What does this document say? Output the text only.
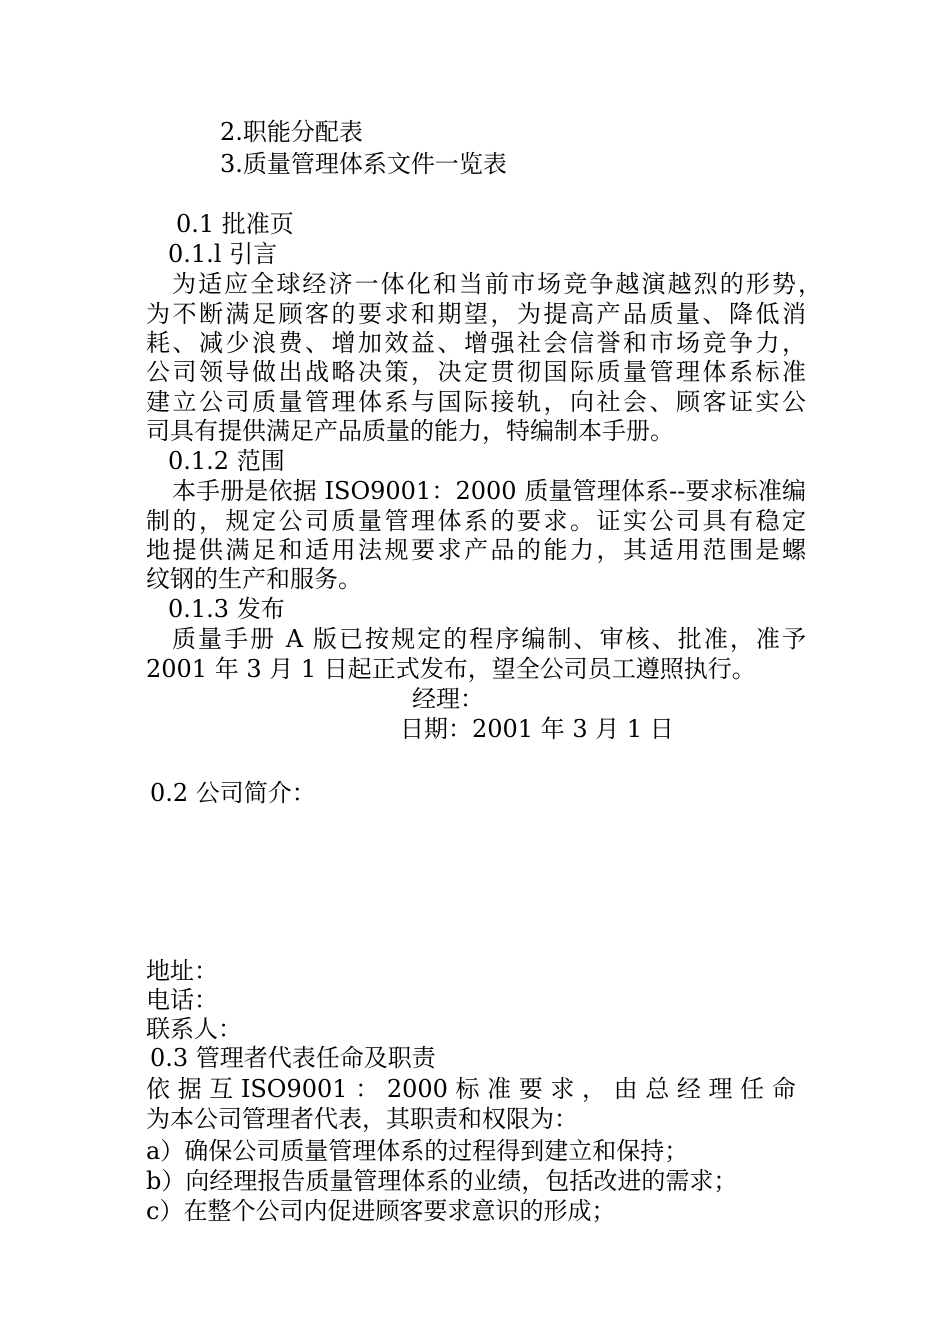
2.职能分配表
3.质量管理体系文件一览表
0.1 批准页
0.1.l 引言
为适应全球经济一体化和当前市场竞争越演越烈的形势，
为不断满足顾客的要求和期望，为提高产品质量、降低消
耗、减少浪费、增加效益、增强社会信誉和市场竞争力，
公司领导做出战略决策，决定贯彻国际质量管理体系标准
建立公司质量管理体系与国际接轨，向社会、顾客证实公
司具有提供满足产品质量的能力，特编制本手册。
0.1.2 范围
本手册是依据 ISO9001：2000 质量管理体系--要求标准编
制的，规定公司质量管理体系的要求。证实公司具有稳定
地提供满足和适用法规要求产品的能力，其适用范围是螺
纹钢的生产和服务。
0.1.3 发布
质量手册 A 版已按规定的程序编制、审核、批准，准予
2001 年 3 月 1 日起正式发布，望全公司员工遵照执行。
经理：
日期：2001 年 3 月 1 日
0.2 公司简介：
地址：
电话：
联系人：
0.3 管理者代表任命及职责
依 据 互 ISO9001 ： 2000 标 准 要 求 ， 由 总 经 理 任 命
为本公司管理者代表，其职责和权限为：
a）确保公司质量管理体系的过程得到建立和保持；
b）向经理报告质量管理体系的业绩，包括改进的需求；
c）在整个公司内促进顾客要求意识的形成；
